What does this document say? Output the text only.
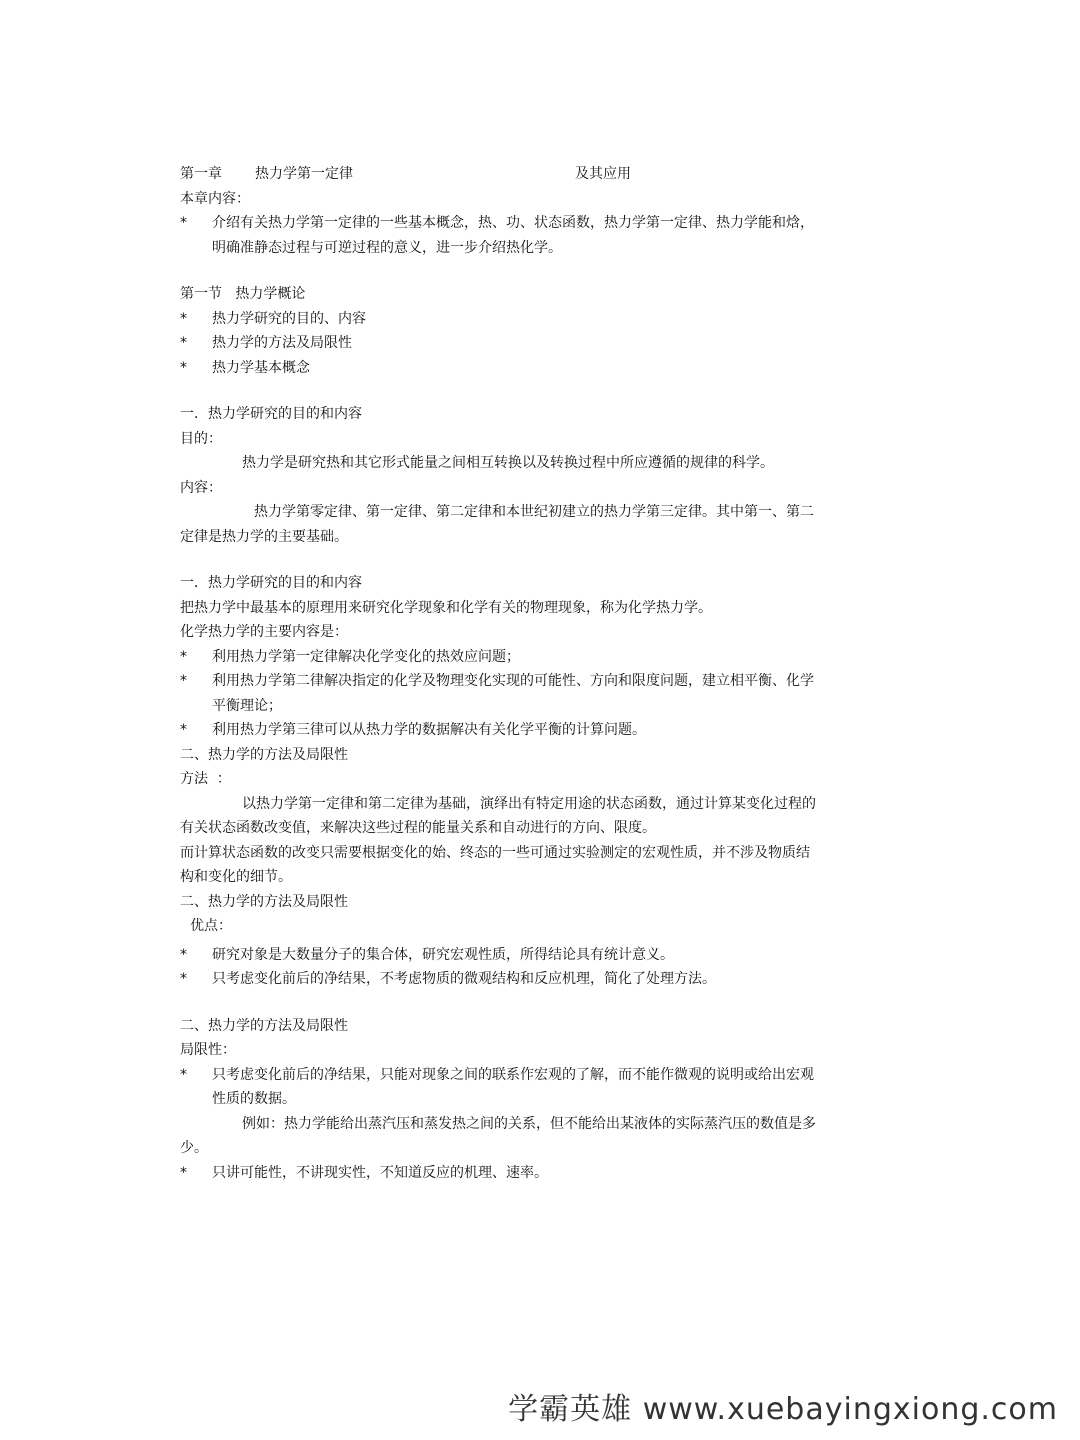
第一章	热力学第一定律	及其应用
本章内容：
*	介绍有关热力学第一定律的一些基本概念，热、功、状态函数，热力学第一定律、热力学能和焓，明确准静态过程与可逆过程的意义，进一步介绍热化学。
第一节   热力学概论
*	热力学研究的目的、内容
*	热力学的方法及局限性
*	热力学基本概念
一．热力学研究的目的和内容
目的：
热力学是研究热和其它形式能量之间相互转换以及转换过程中所应遵循的规律的科学。
内容：
热力学第零定律、第一定律、第二定律和本世纪初建立的热力学第三定律。其中第一、第二定律是热力学的主要基础。
一．热力学研究的目的和内容
把热力学中最基本的原理用来研究化学现象和化学有关的物理现象，称为化学热力学。
化学热力学的主要内容是：
*	利用热力学第一定律解决化学变化的热效应问题；
*	利用热力学第二律解决指定的化学及物理变化实现的可能性、方向和限度问题，建立相平衡、化学平衡理论；
*	利用热力学第三律可以从热力学的数据解决有关化学平衡的计算问题。
二、热力学的方法及局限性
方法  ：
以热力学第一定律和第二定律为基础，演绎出有特定用途的状态函数，通过计算某变化过程的有关状态函数改变值，来解决这些过程的能量关系和自动进行的方向、限度。
而计算状态函数的改变只需要根据变化的始、终态的一些可通过实验测定的宏观性质，并不涉及物质结构和变化的细节。
二、热力学的方法及局限性
优点：
*	研究对象是大数量分子的集合体，研究宏观性质，所得结论具有统计意义。
*	只考虑变化前后的净结果，不考虑物质的微观结构和反应机理，简化了处理方法。
二、热力学的方法及局限性
局限性：
*	只考虑变化前后的净结果，只能对现象之间的联系作宏观的了解，而不能作微观的说明或给出宏观性质的数据。
例如：热力学能给出蒸汽压和蒸发热之间的关系，但不能给出某液体的实际蒸汽压的数值是多少。
*	只讲可能性，不讲现实性，不知道反应的机理、速率。
学霸英雄 www.xuebayingxiong.com
